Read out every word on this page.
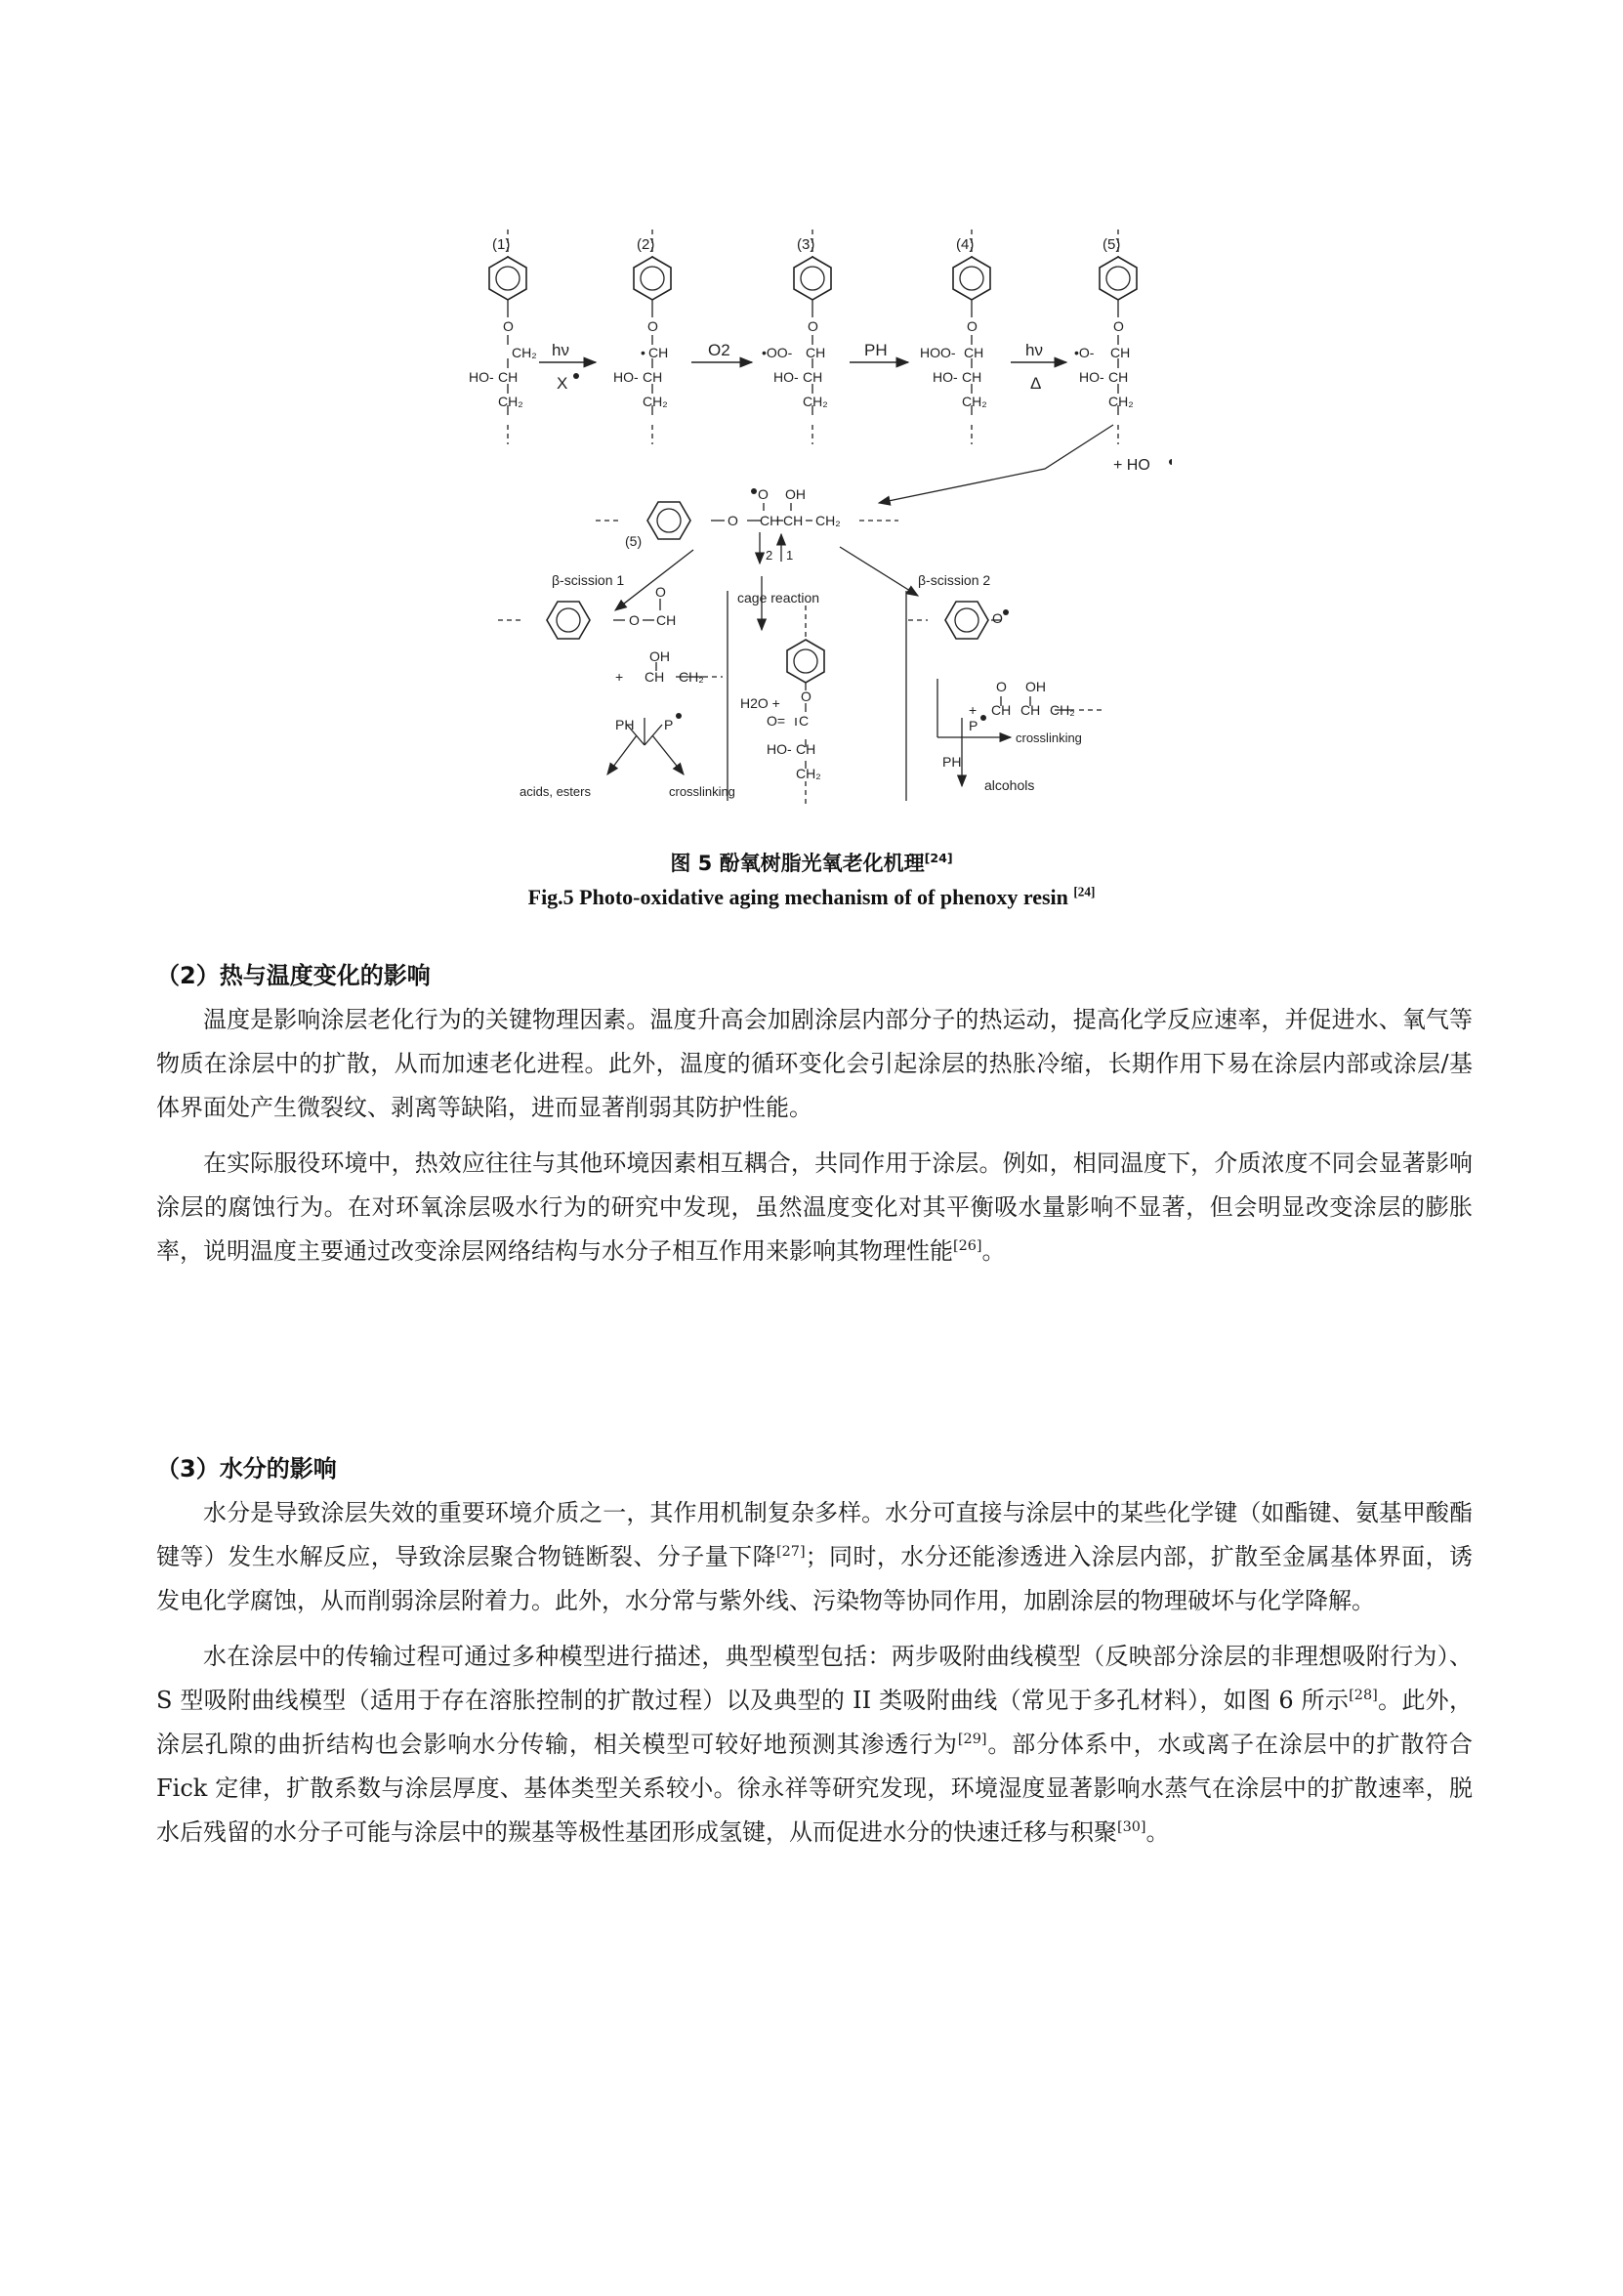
(1)	(2)	(3)	(4)	(5)
O
CH₂
HO- CH
CH₂
O
• CH
HO- CH
CH₂
O
•OO- CH
HO- CH
CH₂
O
HOO- CH
HO- CH
CH₂
O
•O- CH
HO- CH
CH₂
hν
X
O2	PH	hν
Δ
+ HO
(5)
O CH CH CH₂
O OH
2 1
β-scission 1
cage reaction
β-scission 2
O
O
CH
OH
+ CH CH₂
PH P
acids, esters	crosslinking
H2O + O
O= C
HO- CH
CH₂
O
O OH
+ CH CH CH₂
P
crosslinking
PH
alcohols
图 5 酚氧树脂光氧老化机理[24]
Fig.5 Photo-oxidative aging mechanism of of phenoxy resin [24]
（2）热与温度变化的影响

温度是影响涂层老化行为的关键物理因素。温度升高会加剧涂层内部分子的热运动，提高化学反应速率，并促进水、氧气等物质在涂层中的扩散，从而加速老化进程。此外，温度的循环变化会引起涂层的热胀冷缩，长期作用下易在涂层内部或涂层/基体界面处产生微裂纹、剥离等缺陷，进而显著削弱其防护性能。

在实际服役环境中，热效应往往与其他环境因素相互耦合，共同作用于涂层。例如，相同温度下，介质浓度不同会显著影响涂层的腐蚀行为。在对环氧涂层吸水行为的研究中发现，虽然温度变化对其平衡吸水量影响不显著，但会明显改变涂层的膨胀率，说明温度主要通过改变涂层网络结构与水分子相互作用来影响其物理性能[26]。

（3）水分的影响

水分是导致涂层失效的重要环境介质之一，其作用机制复杂多样。水分可直接与涂层中的某些化学键（如酯键、氨基甲酸酯键等）发生水解反应，导致涂层聚合物链断裂、分子量下降[27]；同时，水分还能渗透进入涂层内部，扩散至金属基体界面，诱发电化学腐蚀，从而削弱涂层附着力。此外，水分常与紫外线、污染物等协同作用，加剧涂层的物理破坏与化学降解。

水在涂层中的传输过程可通过多种模型进行描述，典型模型包括：两步吸附曲线模型（反映部分涂层的非理想吸附行为）、S 型吸附曲线模型（适用于存在溶胀控制的扩散过程）以及典型的 II 类吸附曲线（常见于多孔材料），如图 6 所示[28]。此外，涂层孔隙的曲折结构也会影响水分传输，相关模型可较好地预测其渗透行为[29]。部分体系中，水或离子在涂层中的扩散符合 Fick 定律，扩散系数与涂层厚度、基体类型关系较小。徐永祥等研究发现，环境湿度显著影响水蒸气在涂层中的扩散速率，脱水后残留的水分子可能与涂层中的羰基等极性基团形成氢键，从而促进水分的快速迁移与积聚[30]。
